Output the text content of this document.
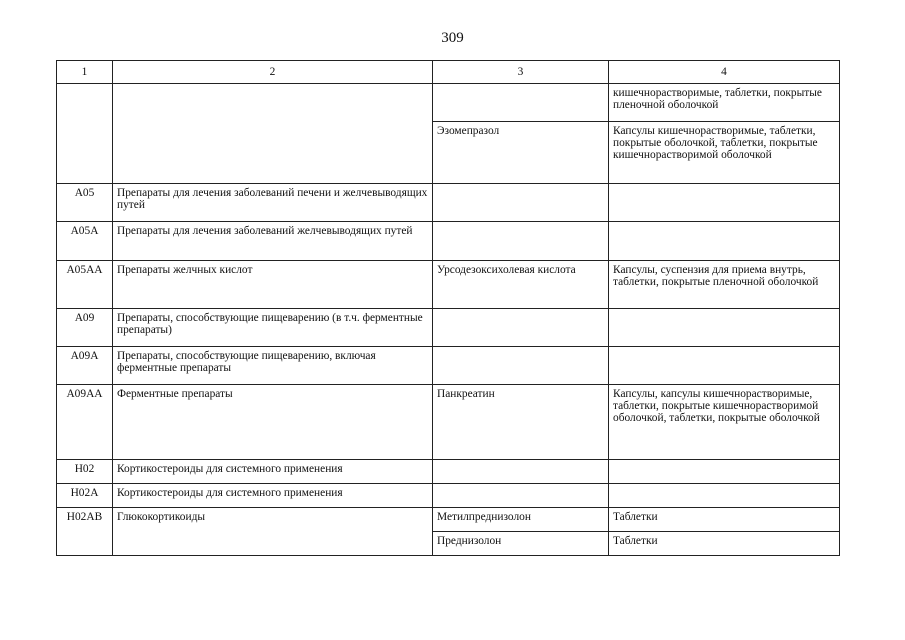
309
1	2	3	4
			кишечнорастворимые, таблетки, покрытые пленочной оболочкой
		Эзомепразол	Капсулы кишечнорастворимые, таблетки, покрытые оболочкой, таблетки, покрытые кишечнорастворимой оболочкой
A05	Препараты для лечения заболеваний печени и желчевыводящих путей		
A05A	Препараты для лечения заболеваний желчевыводящих путей		
A05AA	Препараты желчных кислот	Урсодезоксихолевая кислота	Капсулы, суспензия для приема внутрь, таблетки, покрытые пленочной оболочкой
A09	Препараты, способствующие пищеварению (в т.ч. ферментные препараты)		
A09A	Препараты, способствующие пищеварению, включая ферментные препараты		
A09AA	Ферментные препараты	Панкреатин	Капсулы, капсулы кишечнорастворимые, таблетки, покрытые кишечнорастворимой оболочкой, таблетки, покрытые оболочкой
H02	Кортикостероиды для системного применения		
H02A	Кортикостероиды для системного применения		
H02AB	Глюкокортикоиды	Метилпреднизолон	Таблетки
		Преднизолон	Таблетки
